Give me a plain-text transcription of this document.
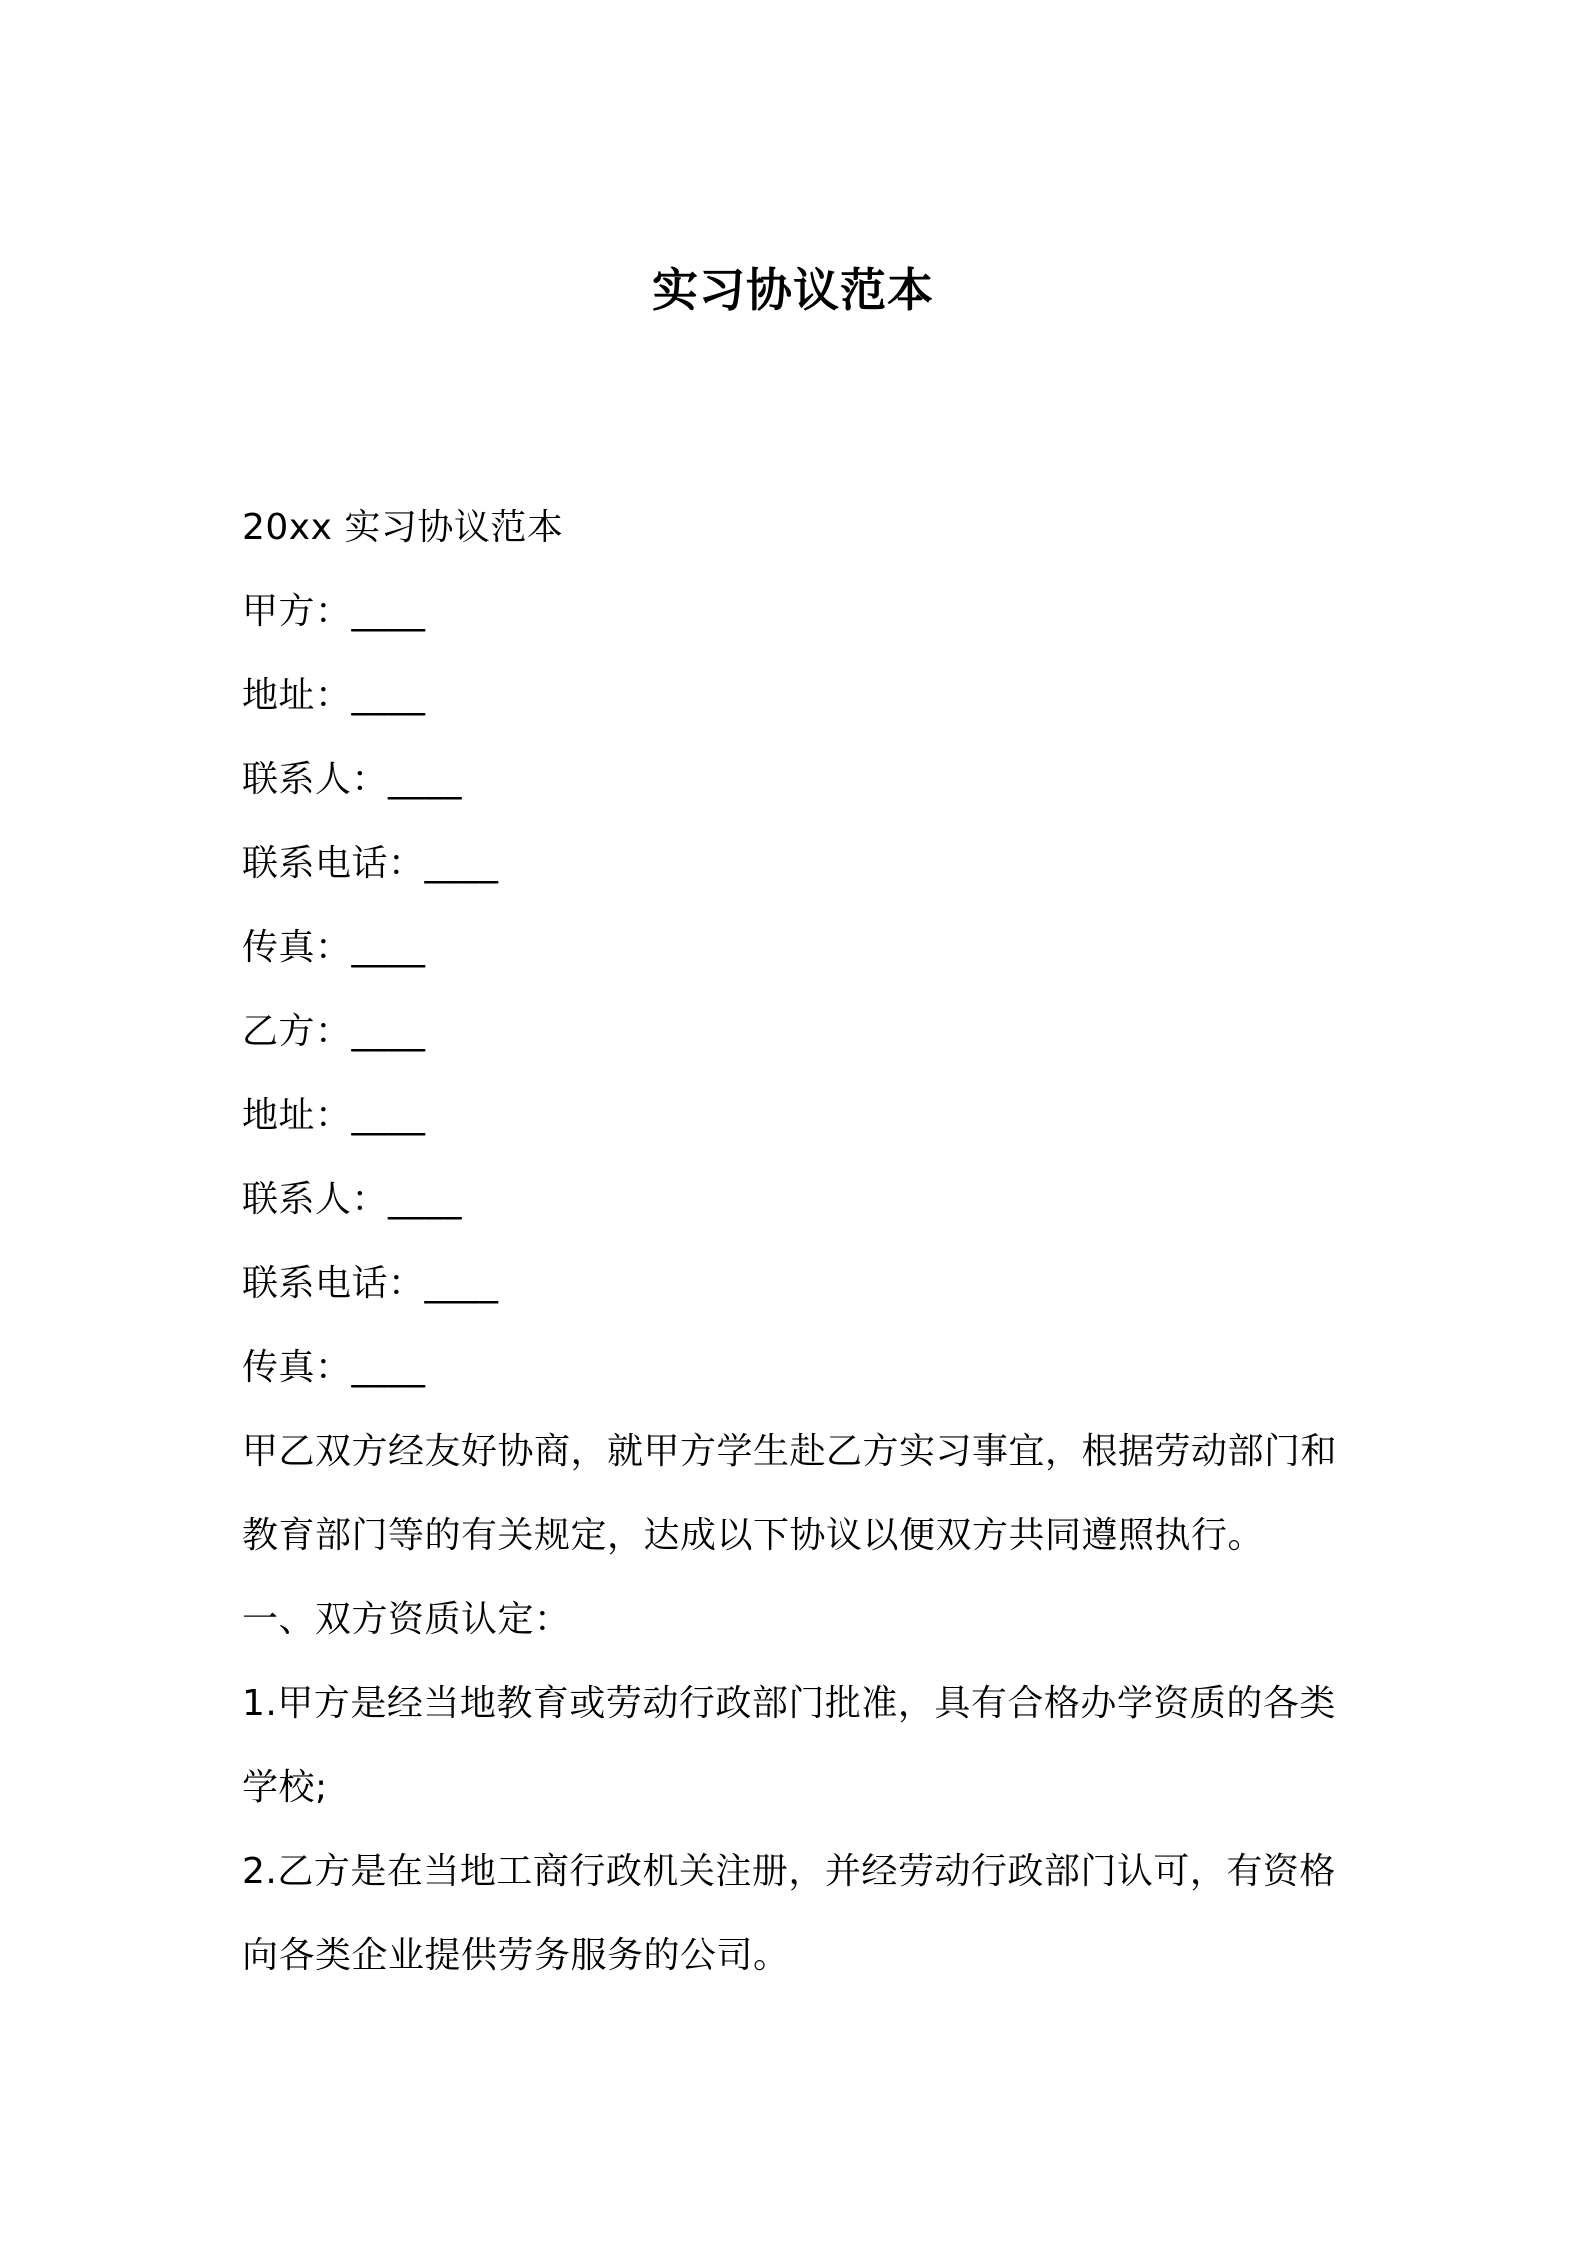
实习协议范本
20xx 实习协议范本
甲方：____
地址：____
联系人：____
联系电话：____
传真：____
乙方：____
地址：____
联系人：____
联系电话：____
传真：____
甲乙双方经友好协商，就甲方学生赴乙方实习事宜，根据劳动部门和
教育部门等的有关规定，达成以下协议以便双方共同遵照执行。
一、双方资质认定：
1.甲方是经当地教育或劳动行政部门批准，具有合格办学资质的各类
学校;
2.乙方是在当地工商行政机关注册，并经劳动行政部门认可，有资格
向各类企业提供劳务服务的公司。
